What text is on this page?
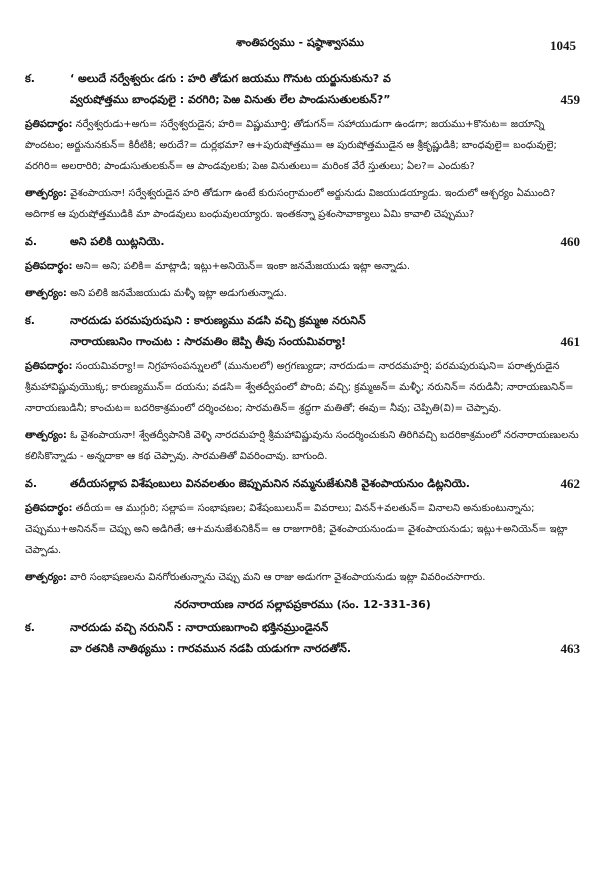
శాంతిపర్వము - షష్ఠాశ్వాసము	1045
క.	‘ అలుదే నర్వేశ్వరుఁ డగు : హరి తోడుగ జయము గొనుట యర్జునుకును? వ
వ్వరుషోత్తము బాంధవులై : వరగిరి; పెఱ వినుతు లేల పాండుసుతులకున్?”	459
ప్రతిపదార్థం: నర్వేశ్వరుడు+అగు= సర్వేశ్వరుడైన; హరి= విష్ణుమూర్తి; తోడుగన్= సహాయుడుగా ఉండగా; జయము+కొనుట= జయాన్ని పొందటం; అర్జునునకున్= కిరీటికి; అరుదే?= దుర్లభమా? ఆ+పురుషోత్తము= ఆ పురుషోత్తముడైన ఆ శ్రీకృష్ణుడికి; బాంధవులై= బంధువులై; వరగిరి= అలరారిరి; పాండుసుతులకున్= ఆ పాండవులకు; పెఱ వినుతులు= మరింక వేరే స్తుతులు; ఏల?= ఎందుకు?
తాత్పర్యం: వైశంపాయనా! సర్వేశ్వరుడైన హరి తోడుగా ఉంటే కురుసంగ్రామంలో అర్జునుడు విజయుడయ్యాడు. ఇందులో ఆశ్చర్యం ఏముంది? అదిగాక ఆ పురుషోత్తముడికి మా పాండవులు బంధువులయ్యారు. ఇంతకన్నా ప్రశంసావాక్యాలు ఏమి కావాలి చెప్పుము?
వ.	అని పలికి యిట్లనియె.	460
ప్రతిపదార్థం: అని= అని; పలికి= మాట్లాడి; ఇట్లు+అనియెన్= ఇంకా జనమేజయుడు ఇట్లా అన్నాడు.
తాత్పర్యం: అని పలికి జనమేజయుడు మళ్ళీ ఇట్లా అడుగుతున్నాడు.
క.	నారదుడు పరమపురుషుని : కారుణ్యము వడసి వచ్చి క్రమ్మఱ నరునిన్
నారాయణునిం గాంచుట : సారమతిం జెప్పి తీవు సంయమివర్యా!	461
ప్రతిపదార్థం: సంయమివర్యా!= నిగ్రహసంపన్నులలో (మునులలో) అగ్రగణ్యుడా; నారదుడు= నారదమహర్షి; పరమపురుషుని= పరాత్పరుడైన శ్రీమహావిష్ణువుయొక్క; కారుణ్యమున్= దయను; వడసి= శ్వేతద్వీపంలో పొంది; వచ్చి; క్రమ్మఱన్= మళ్ళీ; నరునిన్= నరుడినీ; నారాయణునిన్= నారాయణుడినీ; కాంచుట= బదరికాశ్రమంలో దర్శించటం; సారమతిన్= శ్రద్ధగా మతితో; ఈవు= నీవు; చెప్పితి(వి)= చెప్పావు.
తాత్పర్యం: ఓ వైశంపాయనా! శ్వేతద్వీపానికి వెళ్ళి నారదమహర్షి శ్రీమహావిష్ణువును సందర్శించుకుని తిరిగివచ్చి బదరికాశ్రమంలో నరనారాయణులను కలిసికొన్నాడు - అన్నదాకా ఆ కథ చెప్పావు. సారమతితో వివరించావు. బాగుంది.
వ.	తదీయసల్లాప విశేషంబులు వినవలతుం జెప్పుమనిన నమ్మనుజేశునికి వైశంపాయనుం డిట్లనియె.	462
ప్రతిపదార్థం: తదీయ= ఆ ముగ్గురి; సల్లాప= సంభాషణల; విశేషంబులున్= వివరాలు; వినన్+వలతున్= వినాలని అనుకుంటున్నాను; చెప్పుము+అనినన్= చెప్పు అని అడిగితే; ఆ+మనుజేశునికిన్= ఆ రాజుగారికి; వైశంపాయనుండు= వైశంపాయనుడు; ఇట్లు+అనియెన్= ఇట్లా చెప్పాడు.
తాత్పర్యం: వారి సంభాషణలను వినగోరుతున్నాను చెప్పు మని ఆ రాజు అడుగగా వైశంపాయనుడు ఇట్లా వివరించసాగారు.
నరనారాయణ నారద సల్లాపప్రకారము (సం. 12-331-36)
క.	నారదుడు వచ్చి నరునిన్ : నారాయణుగాంచి భక్తినమ్రుండైనన్
వా రతనికి నాతిథ్యము : గారవమున నడపి యడుగగా నారదతోన్.	463
